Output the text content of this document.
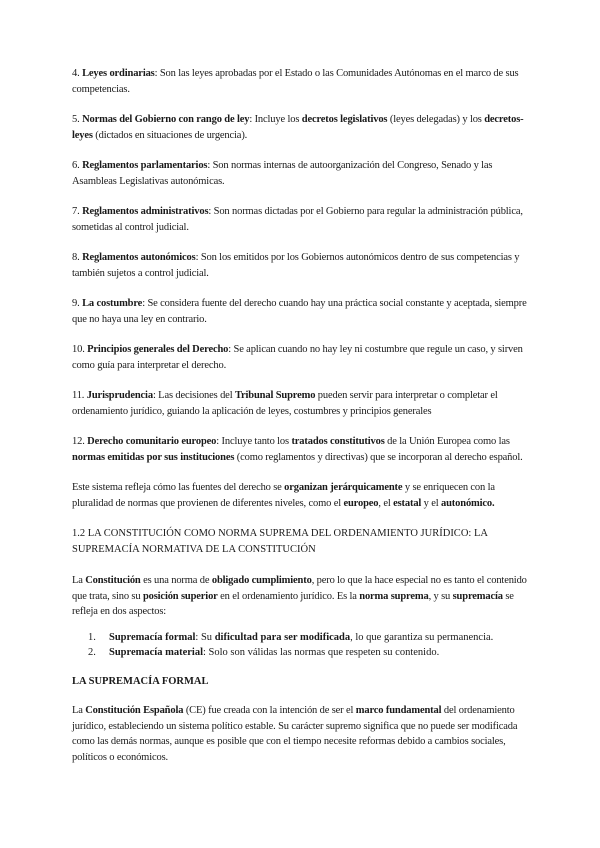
4. Leyes ordinarias: Son las leyes aprobadas por el Estado o las Comunidades Autónomas en el marco de sus competencias.

5. Normas del Gobierno con rango de ley: Incluye los decretos legislativos (leyes delegadas) y los decretos-leyes (dictados en situaciones de urgencia).

6. Reglamentos parlamentarios: Son normas internas de autoorganización del Congreso, Senado y las Asambleas Legislativas autonómicas.

7. Reglamentos administrativos: Son normas dictadas por el Gobierno para regular la administración pública, sometidas al control judicial.

8. Reglamentos autonómicos: Son los emitidos por los Gobiernos autonómicos dentro de sus competencias y también sujetos a control judicial.

9. La costumbre: Se considera fuente del derecho cuando hay una práctica social constante y aceptada, siempre que no haya una ley en contrario.

10. Principios generales del Derecho: Se aplican cuando no hay ley ni costumbre que regule un caso, y sirven como guía para interpretar el derecho.

11. Jurisprudencia: Las decisiones del Tribunal Supremo pueden servir para interpretar o completar el ordenamiento jurídico, guiando la aplicación de leyes, costumbres y principios generales

12. Derecho comunitario europeo: Incluye tanto los tratados constitutivos de la Unión Europea como las normas emitidas por sus instituciones (como reglamentos y directivas) que se incorporan al derecho español.

Este sistema refleja cómo las fuentes del derecho se organizan jerárquicamente y se enriquecen con la pluralidad de normas que provienen de diferentes niveles, como el europeo, el estatal y el autonómico.

1.2 LA CONSTITUCIÓN COMO NORMA SUPREMA DEL ORDENAMIENTO JURÍDICO: LA SUPREMACÍA NORMATIVA DE LA CONSTITUCIÓN

La Constitución es una norma de obligado cumplimiento, pero lo que la hace especial no es tanto el contenido que trata, sino su posición superior en el ordenamiento jurídico. Es la norma suprema, y su supremacía se refleja en dos aspectos:

1. Supremacía formal: Su dificultad para ser modificada, lo que garantiza su permanencia.
2. Supremacía material: Solo son válidas las normas que respeten su contenido.
LA SUPREMACÍA FORMAL

La Constitución Española (CE) fue creada con la intención de ser el marco fundamental del ordenamiento jurídico, estableciendo un sistema político estable. Su carácter supremo significa que no puede ser modificada como las demás normas, aunque es posible que con el tiempo necesite reformas debido a cambios sociales, políticos o económicos.
